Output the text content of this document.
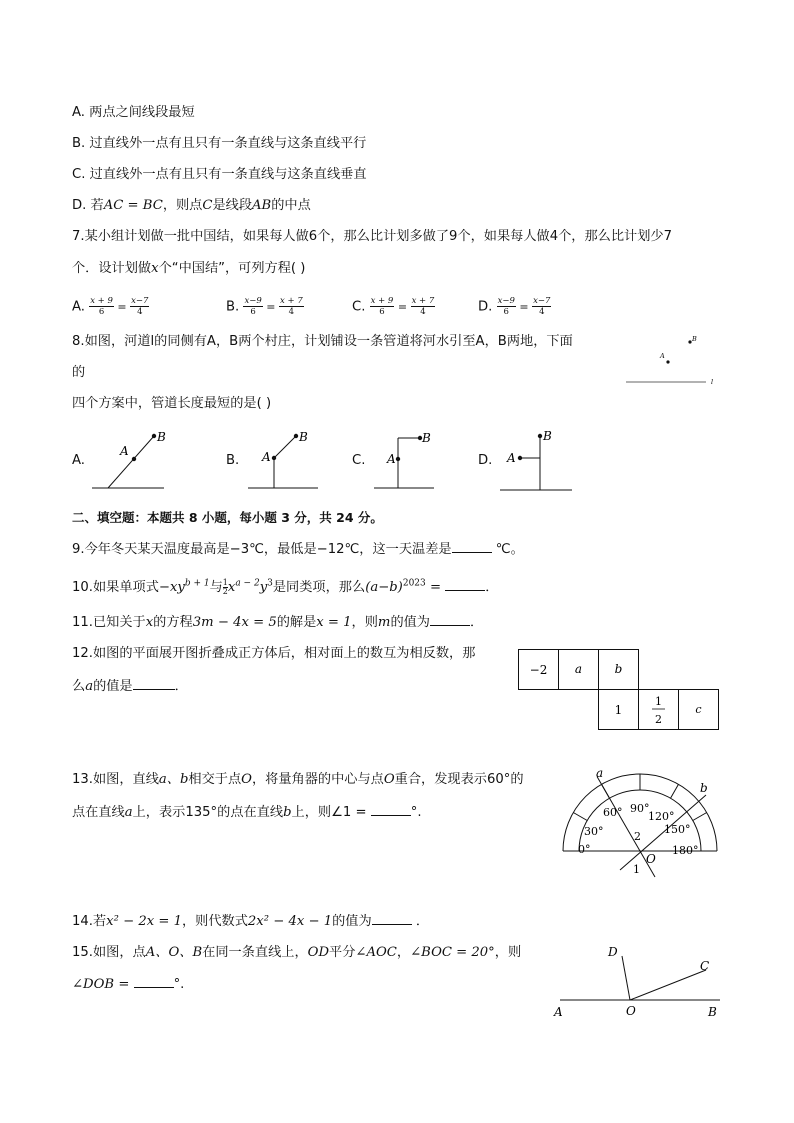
A. 两点之间线段最短
B. 过直线外一点有且只有一条直线与这条直线平行
C. 过直线外一点有且只有一条直线与这条直线垂直
D. 若AC = BC，则点C是线段AB的中点
7.某小组计划做一批中国结，如果每人做6个，那么比计划多做了9个，如果每人做4个，那么比计划少7
个．设计划做x个“中国结”，可列方程( )
A. $\frac{x + 9}{6} = \frac{x-7}{4}$	B. $\frac{x-9}{6} = \frac{x + 7}{4}$	C. $\frac{x + 9}{6} = \frac{x + 7}{4}$	D. $\frac{x-9}{6} = \frac{x-7}{4}$
8.如图，河道l的同侧有A，B两个村庄，计划铺设一条管道将河水引至A，B两地，下面
的
四个方案中，管道长度最短的是( )
A
B
l
A.
A
B
B. A
B
C. A
B
D. A
B
二、填空题：本题共 8 小题，每小题 3 分，共 24 分。
9.今年冬天某天温度最高是−3℃，最低是−12℃，这一天温差是	℃。
10.如果单项式$-xy^{b + 1}$与 $\frac{1}{2}x^{a - 2}y^3$是同类项，那么$(a-b)^{2023}$ =	．
11.已知关于x的方程3m − 4x = 5的解是x = 1，则m的值为	．
12.如图的平面展开图折叠成正方体后，相对面上的数互为相反数，那
么a的值是	．
−2 a	b
1
1
2
c
13.如图，直线a、b相交于点O，将量角器的中心与点O重合，发现表示60°的
点在直线a上，表示135°的点在直线b上，则∠1 =	°.
a
b
O
1
2
0°
30°
60° 90°
120°
150°
180°
14.若x² − 2x = 1，则代数式2x² − 4x − 1的值为	．
15.如图，点A、O、B在同一条直线上，OD平分∠AOC，∠BOC = 20°，则
∠DOB =	°.
A	O	B
C
D
